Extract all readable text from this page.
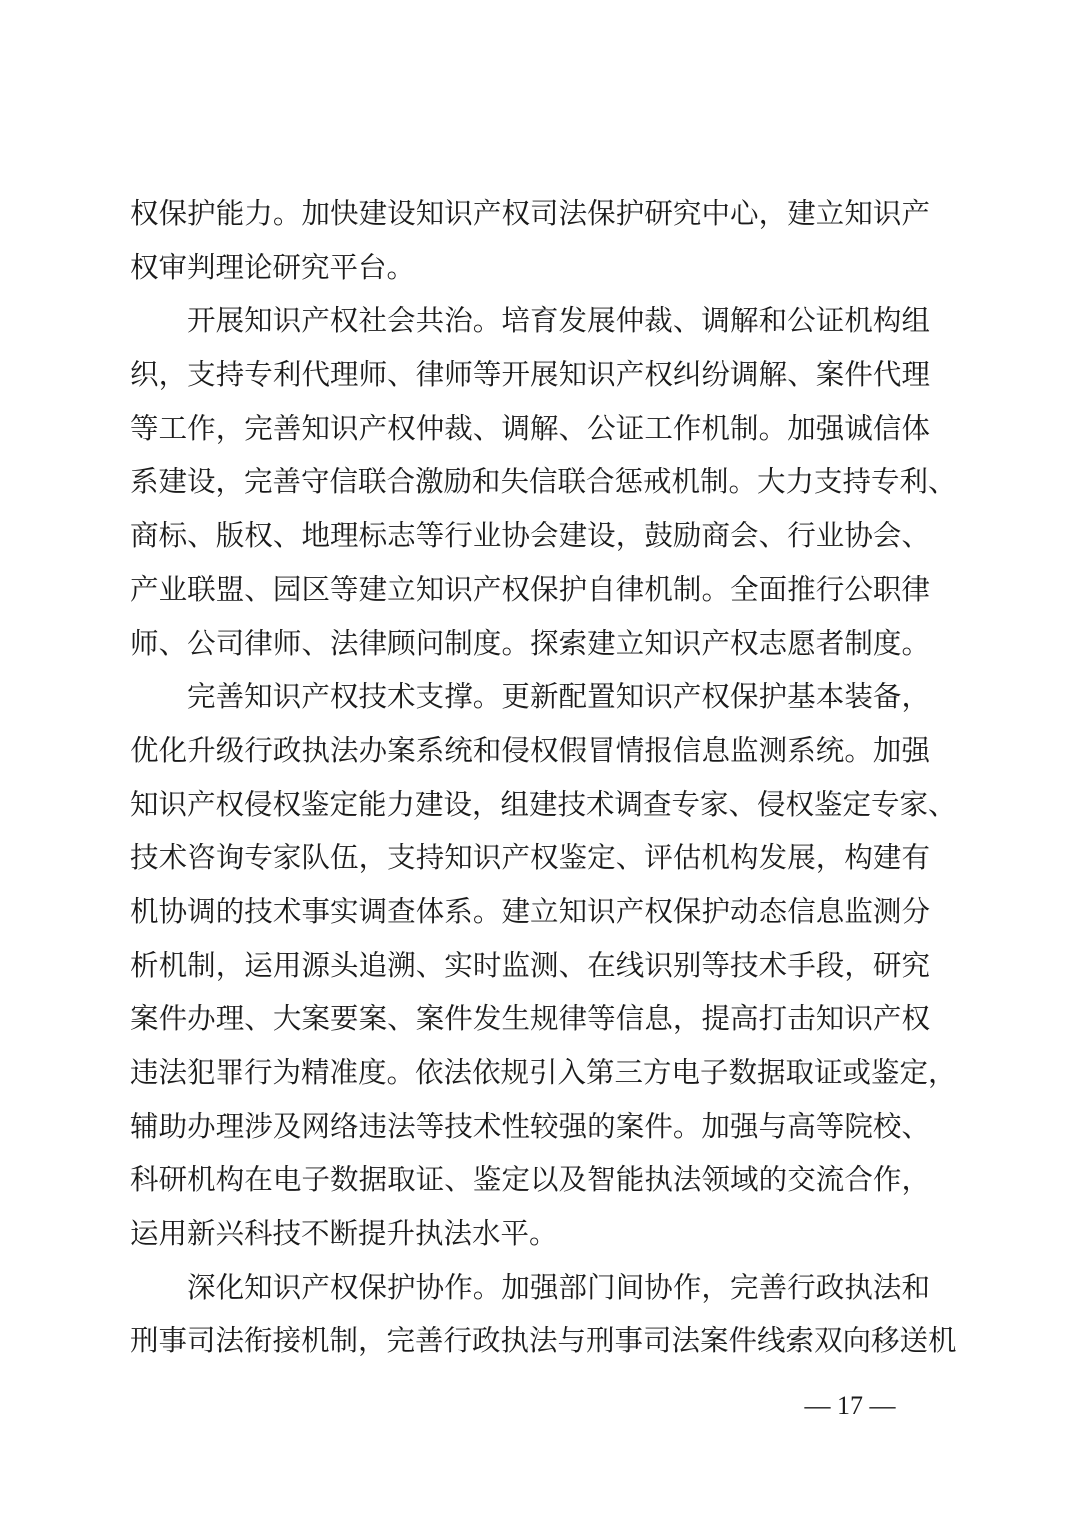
权保护能力。加快建设知识产权司法保护研究中心，建立知识产
权审判理论研究平台。
开展知识产权社会共治。培育发展仲裁、调解和公证机构组
织，支持专利代理师、律师等开展知识产权纠纷调解、案件代理
等工作，完善知识产权仲裁、调解、公证工作机制。加强诚信体
系建设，完善守信联合激励和失信联合惩戒机制。大力支持专利、
商标、版权、地理标志等行业协会建设，鼓励商会、行业协会、
产业联盟、园区等建立知识产权保护自律机制。全面推行公职律
师、公司律师、法律顾问制度。探索建立知识产权志愿者制度。
完善知识产权技术支撑。更新配置知识产权保护基本装备，
优化升级行政执法办案系统和侵权假冒情报信息监测系统。加强
知识产权侵权鉴定能力建设，组建技术调查专家、侵权鉴定专家、
技术咨询专家队伍，支持知识产权鉴定、评估机构发展，构建有
机协调的技术事实调查体系。建立知识产权保护动态信息监测分
析机制，运用源头追溯、实时监测、在线识别等技术手段，研究
案件办理、大案要案、案件发生规律等信息，提高打击知识产权
违法犯罪行为精准度。依法依规引入第三方电子数据取证或鉴定，
辅助办理涉及网络违法等技术性较强的案件。加强与高等院校、
科研机构在电子数据取证、鉴定以及智能执法领域的交流合作，
运用新兴科技不断提升执法水平。
深化知识产权保护协作。加强部门间协作，完善行政执法和
刑事司法衔接机制，完善行政执法与刑事司法案件线索双向移送机
— 17 —
